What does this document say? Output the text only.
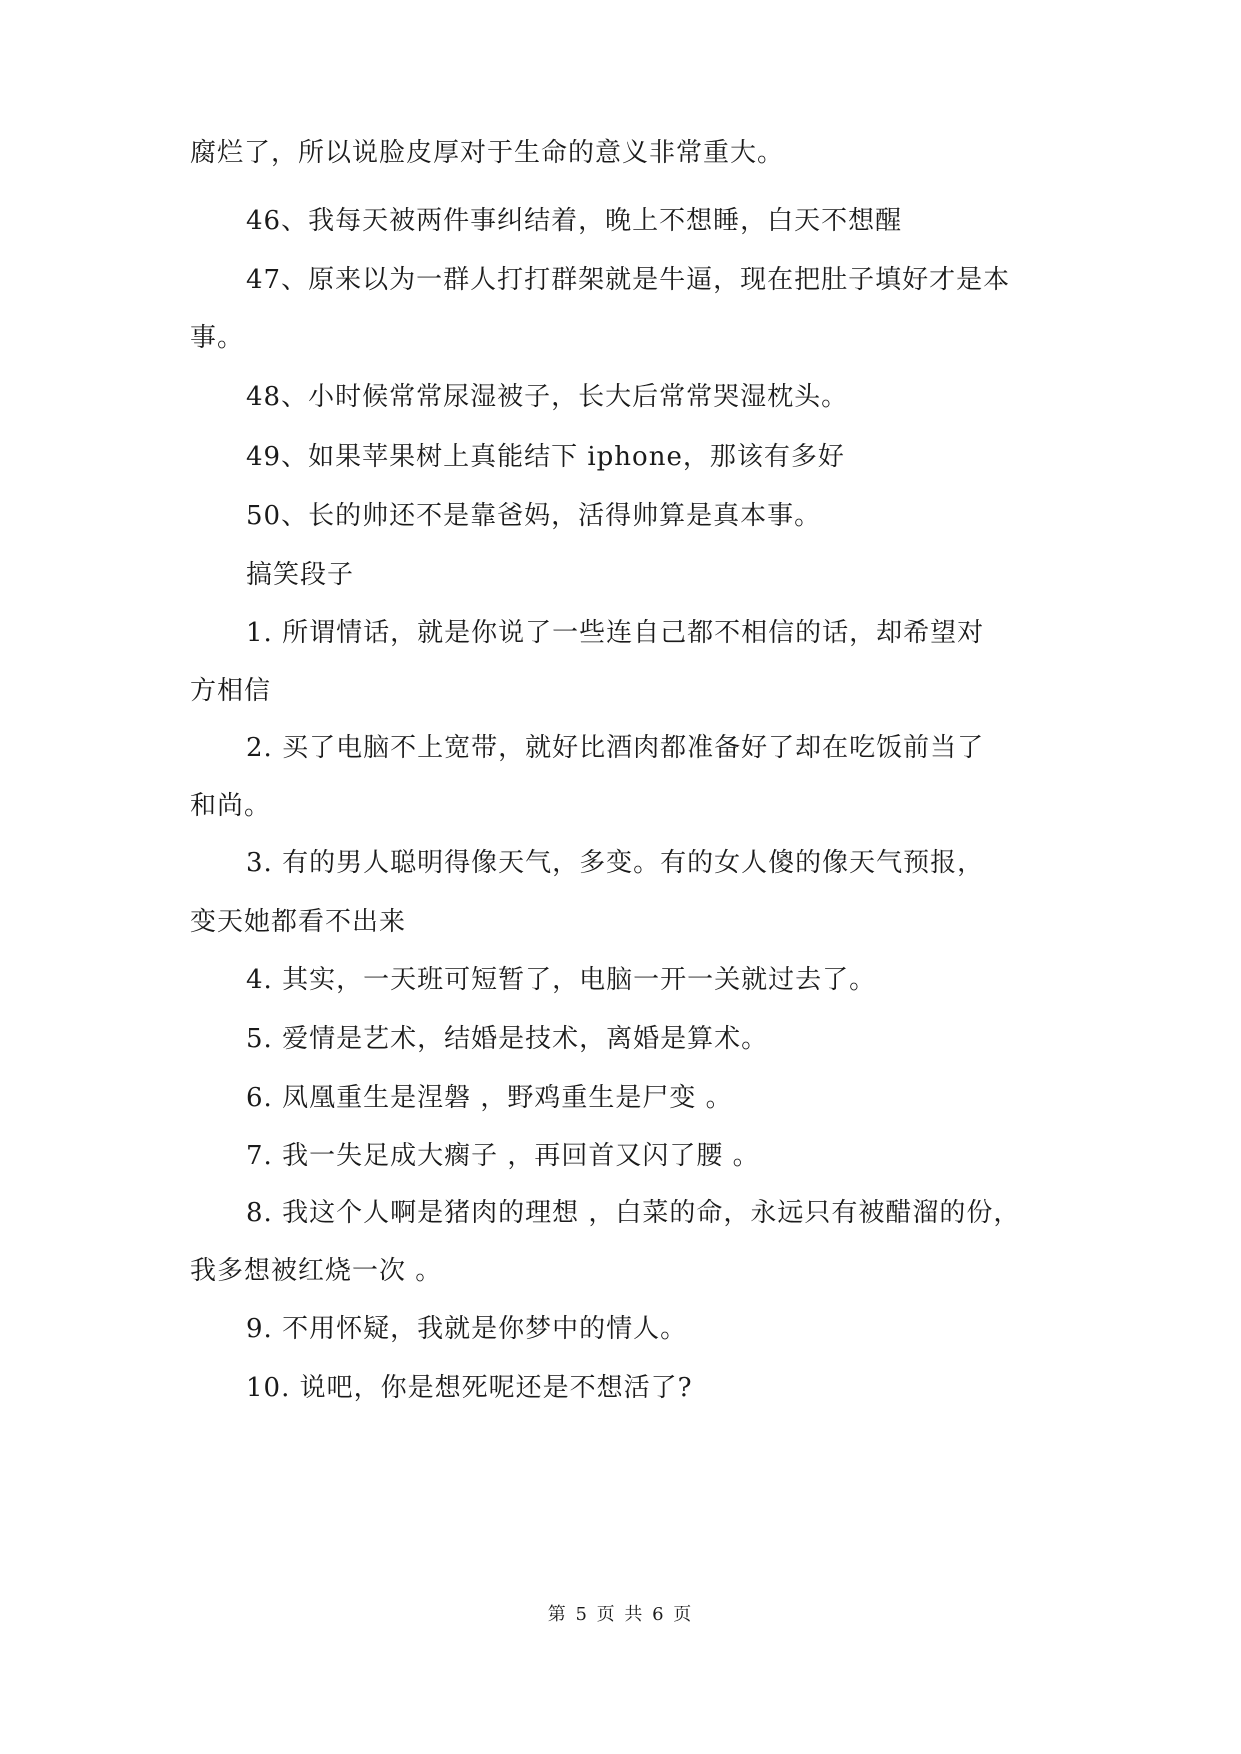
腐烂了，所以说脸皮厚对于生命的意义非常重大。
46、我每天被两件事纠结着，晚上不想睡，白天不想醒
47、原来以为一群人打打群架就是牛逼，现在把肚子填好才是本
事。
48、小时候常常尿湿被子，长大后常常哭湿枕头。
49、如果苹果树上真能结下 iphone，那该有多好
50、长的帅还不是靠爸妈，活得帅算是真本事。
搞笑段子
1. 所谓情话，就是你说了一些连自己都不相信的话，却希望对
方相信
2. 买了电脑不上宽带，就好比酒肉都准备好了却在吃饭前当了
和尚。
3. 有的男人聪明得像天气，多变。有的女人傻的像天气预报，
变天她都看不出来
4. 其实，一天班可短暂了，电脑一开一关就过去了。
5. 爱情是艺术，结婚是技术，离婚是算术。
6. 凤凰重生是涅磐 ，野鸡重生是尸变 。
7. 我一失足成大瘸子 ，再回首又闪了腰 。
8. 我这个人啊是猪肉的理想 ，白菜的命，永远只有被醋溜的份，
我多想被红烧一次 。
9. 不用怀疑，我就是你梦中的情人。
10. 说吧，你是想死呢还是不想活了?
第 5 页 共 6 页
